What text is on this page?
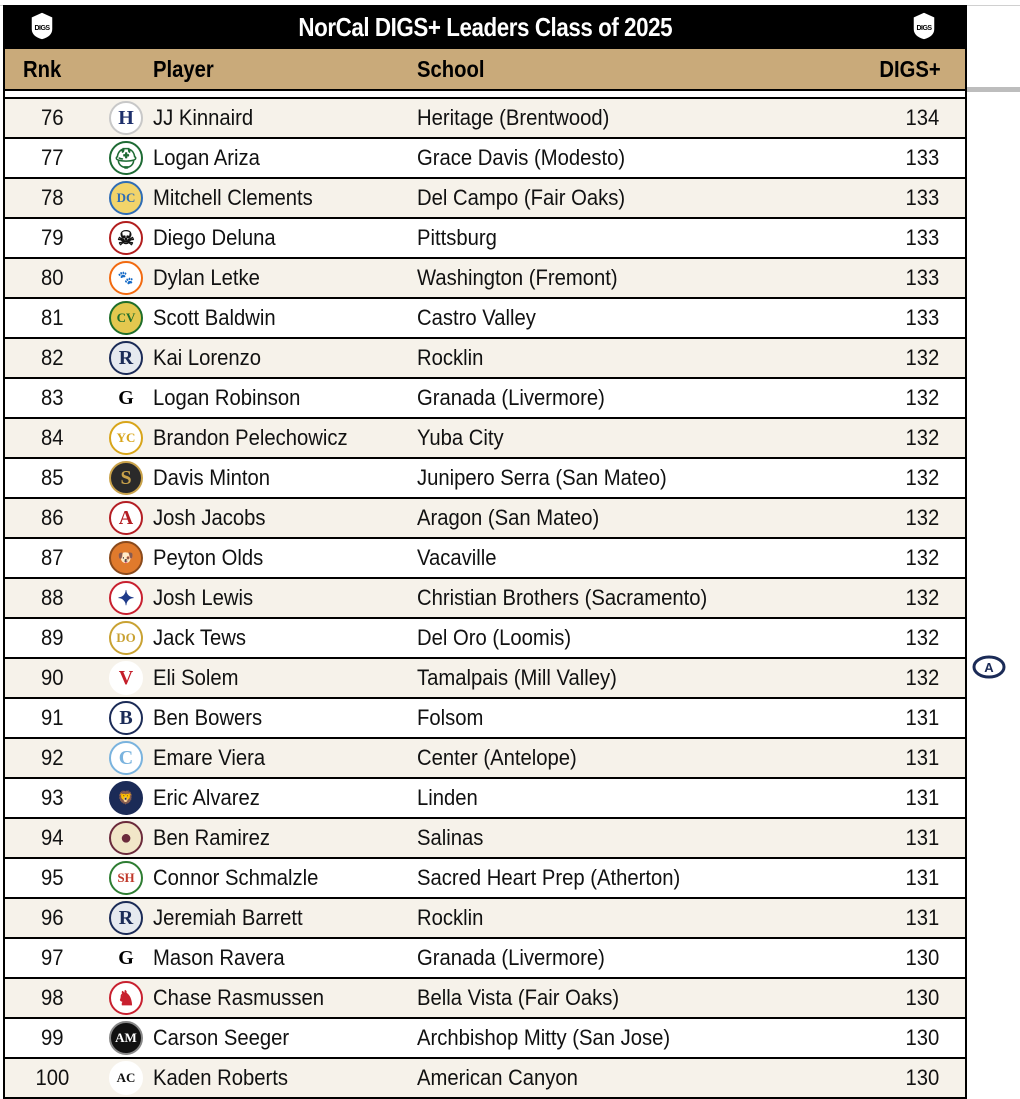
DIGS	NorCal DIGS+ Leaders Class of 2025	DIGS
Rnk	Player	School	DIGS+
76	H JJ Kinnaird	Heritage (Brentwood)	134
77	⛑ Logan Ariza	Grace Davis (Modesto)	133
78	DC Mitchell Clements	Del Campo (Fair Oaks)	133
79	☠ Diego Deluna	Pittsburg	133
80	🐾 Dylan Letke	Washington (Fremont)	133
81	CV Scott Baldwin	Castro Valley	133
82	R Kai Lorenzo	Rocklin	132
83	G Logan Robinson	Granada (Livermore)	132
84	YC Brandon Pelechowicz	Yuba City	132
85	S Davis Minton	Junipero Serra (San Mateo)	132
86	A Josh Jacobs	Aragon (San Mateo)	132
87	🐶 Peyton Olds	Vacaville	132
88	✦ Josh Lewis	Christian Brothers (Sacramento)	132
89	DO Jack Tews	Del Oro (Loomis)	132
90	V Eli Solem	Tamalpais (Mill Valley)	132
91	B Ben Bowers	Folsom	131
92	C Emare Viera	Center (Antelope)	131
93	🦁 Eric Alvarez	Linden	131
94	● Ben Ramirez	Salinas	131
95	SH Connor Schmalzle	Sacred Heart Prep (Atherton)	131
96	R Jeremiah Barrett	Rocklin	131
97	G Mason Ravera	Granada (Livermore)	130
98	♞ Chase Rasmussen	Bella Vista (Fair Oaks)	130
99	AM Carson Seeger	Archbishop Mitty (San Jose)	130
100	AC Kaden Roberts	American Canyon	130
A
